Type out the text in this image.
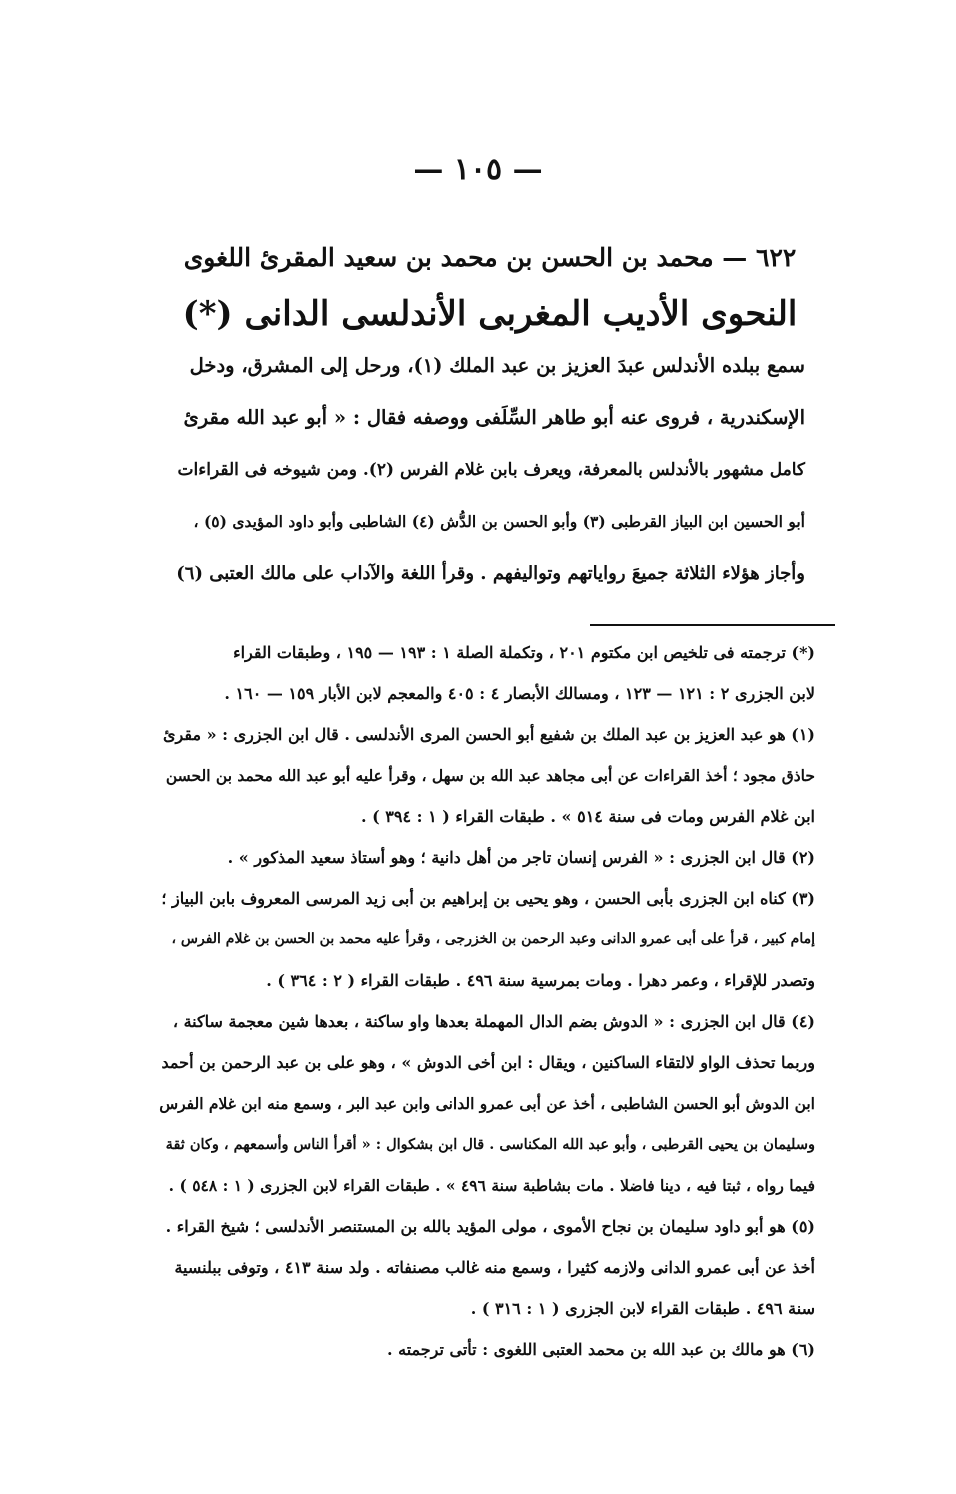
— ١٠٥ —
٦٢٢ — محمد بن الحسن بن محمد بن سعيد المقرئ اللغوى
النحوى الأديب المغربى الأندلسى الدانى (*)
سمع ببلده الأندلس عبدَ العزيز بن عبد الملك (١)، ورحل إلى المشرق، ودخل
الإسكندرية ، فروى عنه أبو طاهر السِّلَفى ووصفه فقال : « أبو عبد الله مقرئ
كامل مشهور بالأندلس بالمعرفة، ويعرف بابن غلام الفرس (٢). ومن شيوخه فى القراءات
أبو الحسين ابن البياز القرطبى (٣) وأبو الحسن بن الدُّش (٤) الشاطبى وأبو داود المؤيدى (٥) ،
وأجاز هؤلاء الثلاثة جميعَ رواياتهم وتواليفهم . وقرأ اللغة والآداب على مالك العتبى (٦)
(*) ترجمته فى تلخيص ابن مكتوم ٢٠١ ، وتكملة الصلة ١ : ١٩٣ — ١٩٥ ، وطبقات القراء
لابن الجزرى ٢ : ١٢١ — ١٢٣ ، ومسالك الأبصار ٤ : ٤٠٥ والمعجم لابن الأبار ١٥٩ — ١٦٠ .
(١) هو عبد العزيز بن عبد الملك بن شفيع أبو الحسن المرى الأندلسى . قال ابن الجزرى : « مقرئ
حاذق مجود ؛ أخذ القراءات عن أبى مجاهد عبد الله بن سهل ، وقرأ عليه أبو عبد الله محمد بن الحسن
ابن غلام الفرس ومات فى سنة ٥١٤ » . طبقات القراء ( ١ : ٣٩٤ ) .
(٢) قال ابن الجزرى : « الفرس إنسان تاجر من أهل دانية ؛ وهو أستاذ سعيد المذكور » .
(٣) كناه ابن الجزرى بأبى الحسن ، وهو يحيى بن إبراهيم بن أبى زيد المرسى المعروف بابن البياز ؛
إمام كبير ، قرأ على أبى عمرو الدانى وعبد الرحمن بن الخزرجى ، وقرأ عليه محمد بن الحسن بن غلام الفرس ،
وتصدر للإقراء ، وعمر دهرا . ومات بمرسية سنة ٤٩٦ . طبقات القراء ( ٢ : ٣٦٤ ) .
(٤) قال ابن الجزرى : « الدوش بضم الدال المهملة بعدها واو ساكنة ، بعدها شين معجمة ساكنة ،
وربما تحذف الواو لالتقاء الساكنين ، ويقال : ابن أخى الدوش » ، وهو على بن عبد الرحمن بن أحمد
ابن الدوش أبو الحسن الشاطبى ، أخذ عن أبى عمرو الدانى وابن عبد البر ، وسمع منه ابن غلام الفرس
وسليمان بن يحيى القرطبى ، وأبو عبد الله المكناسى . قال ابن بشكوال : « أقرأ الناس وأسمعهم ، وكان ثقة
فيما رواه ، ثبتا فيه ، دينا فاضلا . مات بشاطبة سنة ٤٩٦ » . طبقات القراء لابن الجزرى ( ١ : ٥٤٨ ) .
(٥) هو أبو داود سليمان بن نجاح الأموى ، مولى المؤيد بالله بن المستنصر الأندلسى ؛ شيخ القراء .
أخذ عن أبى عمرو الدانى ولازمه كثيرا ، وسمع منه غالب مصنفاته . ولد سنة ٤١٣ ، وتوفى ببلنسية
سنة ٤٩٦ . طبقات القراء لابن الجزرى ( ١ : ٣١٦ ) .
(٦) هو مالك بن عبد الله بن محمد العتبى اللغوى : تأتى ترجمته .
